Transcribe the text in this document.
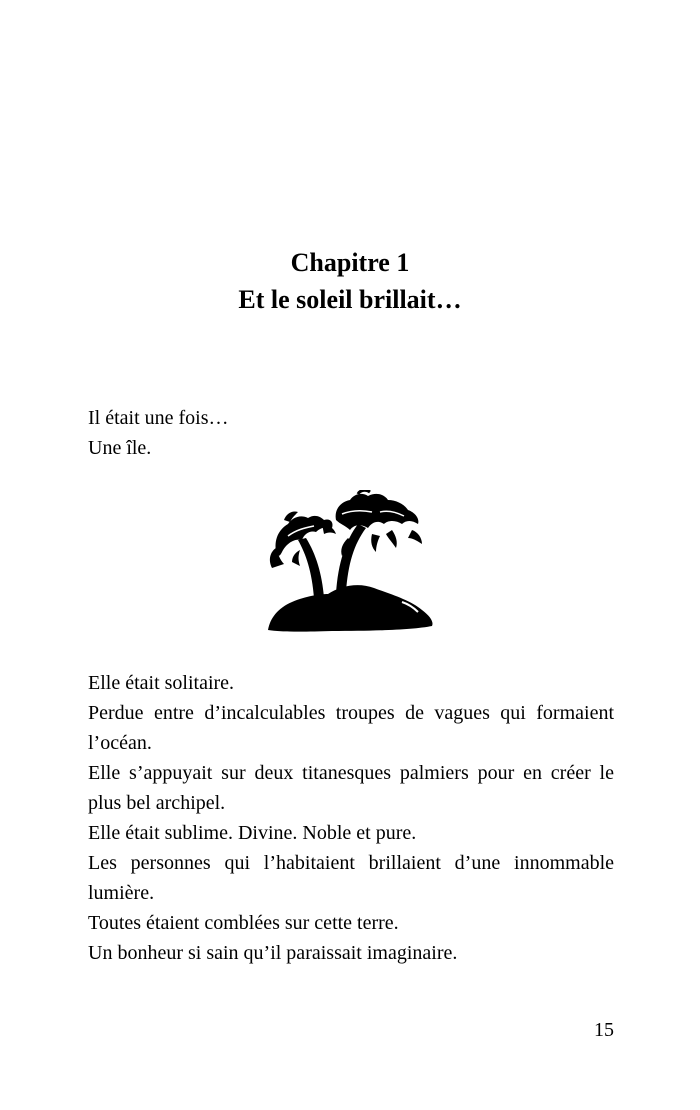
Chapitre 1
Et le soleil brillait…
Il était une fois…
Une île.
Elle était solitaire.
Perdue entre d’incalculables troupes de vagues qui formaient l’océan.
Elle s’appuyait sur deux titanesques palmiers pour en créer le plus bel archipel.
Elle était sublime. Divine. Noble et pure.
Les personnes qui l’habitaient brillaient d’une innommable lumière.
Toutes étaient comblées sur cette terre.
Un bonheur si sain qu’il paraissait imaginaire.
15
